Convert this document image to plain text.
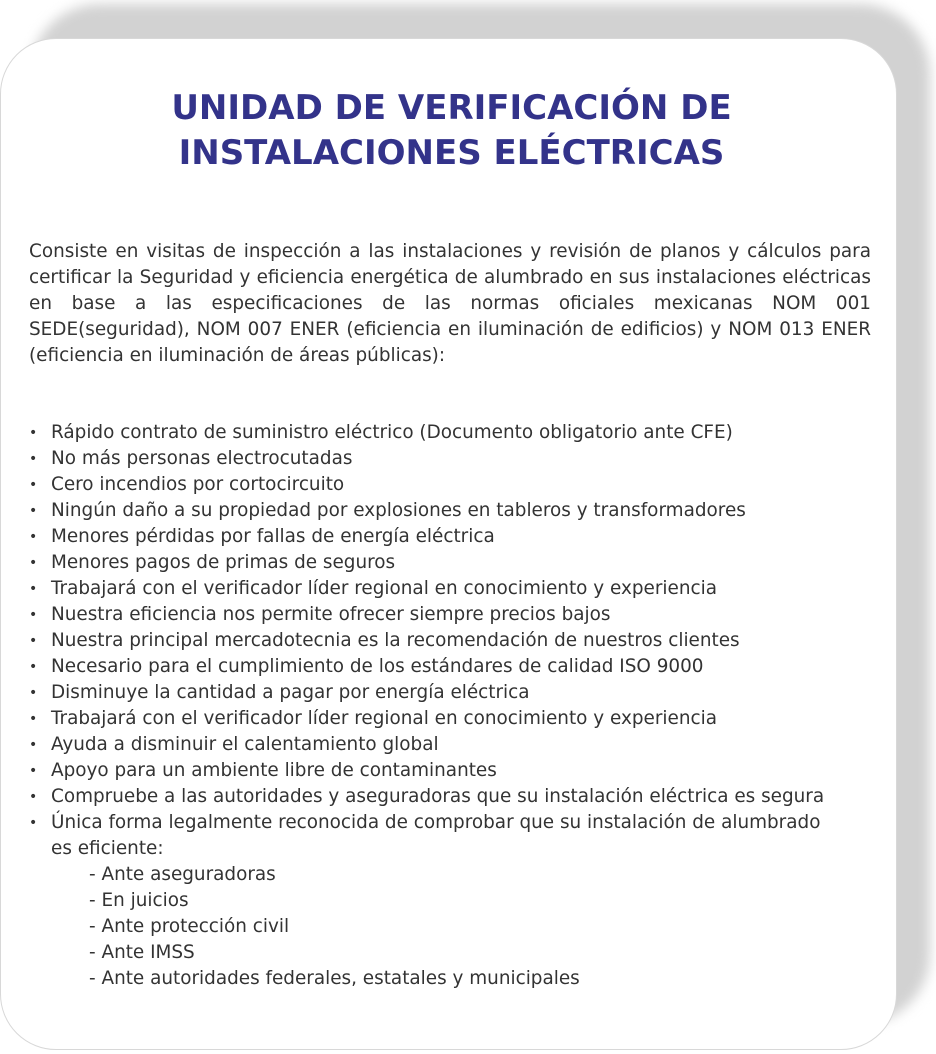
UNIDAD DE VERIFICACIÓN DE
INSTALACIONES ELÉCTRICAS

Consiste en visitas de inspección a las instalaciones y revisión de planos y cálculos para certificar la Seguridad y eficiencia energética de alumbrado en sus instalaciones eléctricas en base a las especificaciones de las normas oficiales mexicanas NOM 001 SEDE(seguridad), NOM 007 ENER (eficiencia en iluminación de edificios) y NOM 013 ENER (eficiencia en iluminación de áreas públicas):

• Rápido contrato de suministro eléctrico (Documento obligatorio ante CFE)
• No más personas electrocutadas
• Cero incendios por cortocircuito
• Ningún daño a su propiedad por explosiones en tableros y transformadores
• Menores pérdidas por fallas de energía eléctrica
• Menores pagos de primas de seguros
• Trabajará con el verificador líder regional en conocimiento y experiencia
• Nuestra eficiencia nos permite ofrecer siempre precios bajos
• Nuestra principal mercadotecnia es la recomendación de nuestros clientes
• Necesario para el cumplimiento de los estándares de calidad ISO 9000
• Disminuye la cantidad a pagar por energía eléctrica
• Trabajará con el verificador líder regional en conocimiento y experiencia
• Ayuda a disminuir el calentamiento global
• Apoyo para un ambiente libre de contaminantes
• Compruebe a las autoridades y aseguradoras que su instalación eléctrica es segura
• Única forma legalmente reconocida de comprobar que su instalación de alumbrado es eficiente:
- Ante aseguradoras
- En juicios
- Ante protección civil
- Ante IMSS
- Ante autoridades federales, estatales y municipales
